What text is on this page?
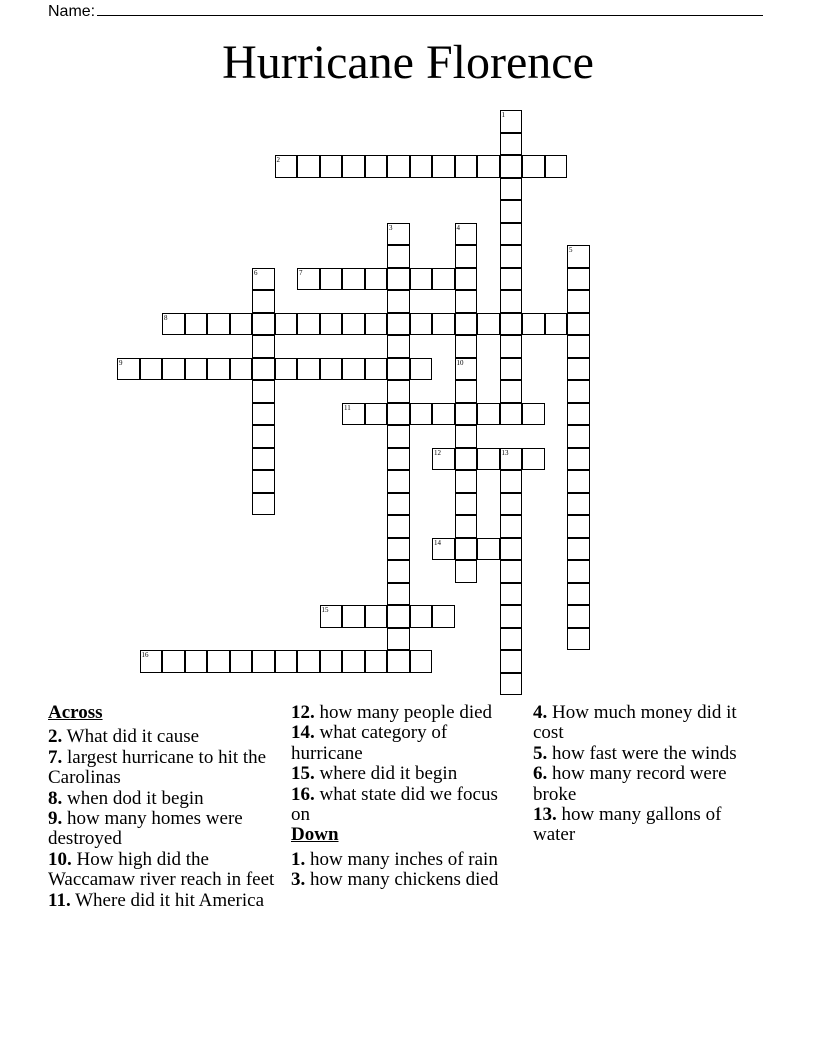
Name:
Hurricane Florence
1
2
3	4
10
5
6	7
8
9
11
12	13
14
15
16
Across
2. What did it cause
7. largest hurricane to hit the Carolinas
8. when dod it begin
9. how many homes were destroyed
10. How high did the Waccamaw river reach in feet
11. Where did it hit America
12. how many people died
14. what category of hurricane
15. where did it begin
16. what state did we focus on
Down
1. how many inches of rain
3. how many chickens died
4. How much money did it cost
5. how fast were the winds
6. how many record were broke
13. how many gallons of water
